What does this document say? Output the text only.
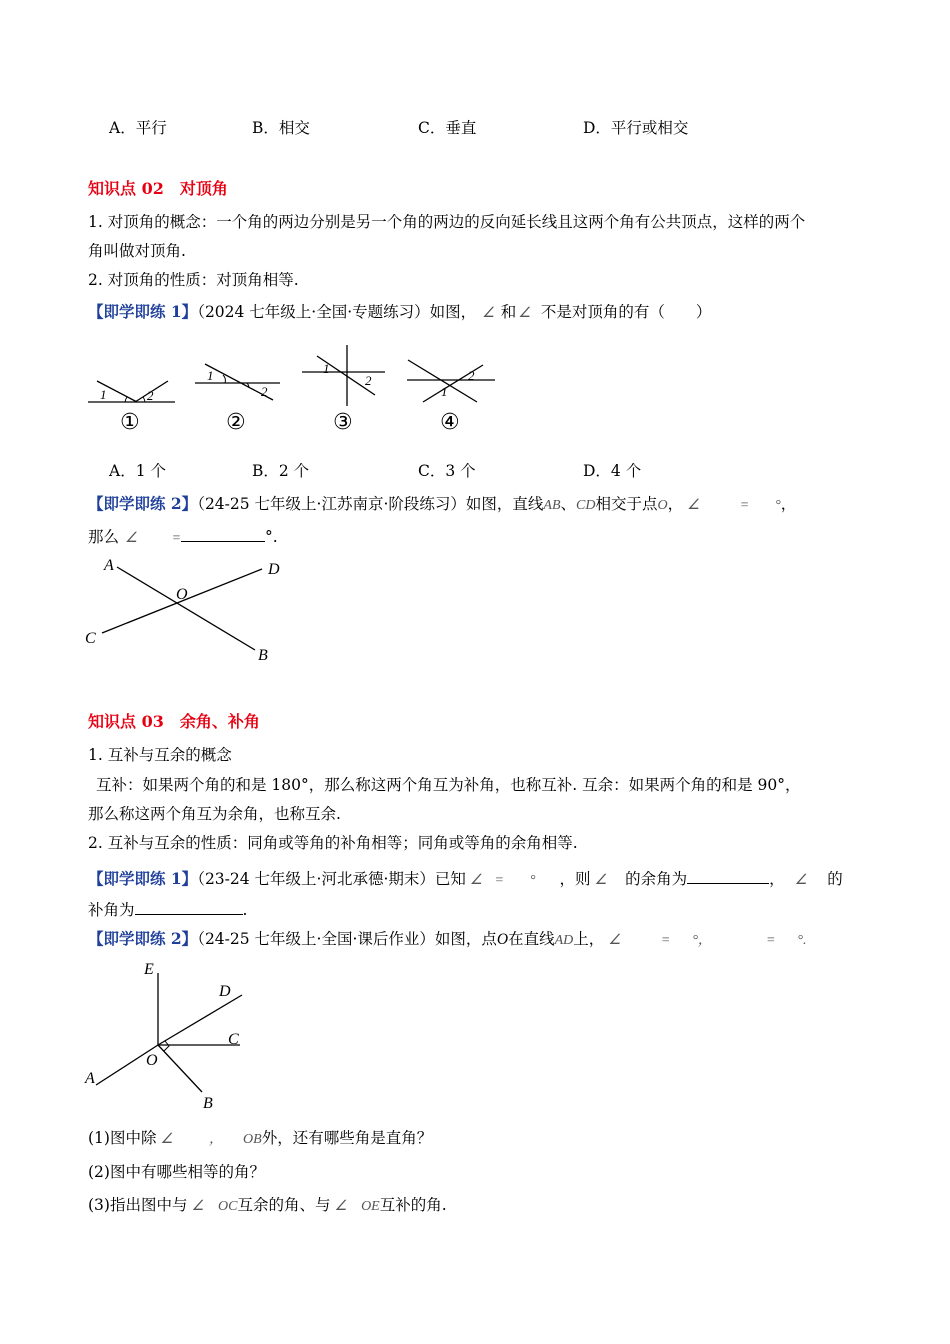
A．平行	B．相交	C．垂直	D．平行或相交
知识点 02　对顶角
1. 对顶角的概念：一个角的两边分别是另一个角的两边的反向延长线且这两个角有公共顶点，这样的两个
角叫做对顶角.
2. 对顶角的性质：对顶角相等.
【即学即练 1】（2024 七年级上·全国·专题练习）如图， ∠ 和 ∠ 不是对顶角的有（　　）
1	2
1
2
1
2
1
2
①	②	③	④
A．1 个	B．2 个	C．3 个	D．4 个
【即学即练 2】（24-25 七年级上·江苏南京·阶段练习）如图，直线AB、CD相交于点O， ∠	= °，
那么 ∠ =	°.
A	D
O
C
B
知识点 03　余角、补角
1. 互补与互余的概念
互补：如果两个角的和是 180°，那么称这两个角互为补角，也称互补. 互余：如果两个角的和是 90°，
那么称这两个角互为余角，也称互余.
2. 互补与互余的性质：同角或等角的补角相等；同角或等角的余角相等.
【即学即练 1】（23-24 七年级上·河北承德·期末）已知 ∠ = ° ，则 ∠ 的余角为	， ∠ 的
补角为	.
【即学即练 2】（24-25 七年级上·全国·课后作业）如图，点O在直线AD上， ∠	= °，	= °.
E
D
C
O
A
B
(1)图中除 ∠	， OB外，还有哪些角是直角？
(2)图中有哪些相等的角？
(3)指出图中与 ∠ OC互余的角、与 ∠ OE互补的角.
